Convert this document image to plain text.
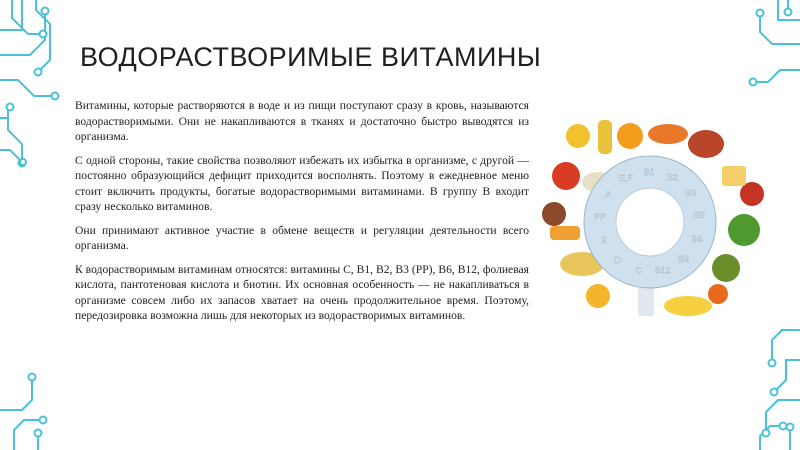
ВОДОРАСТВОРИМЫЕ ВИТАМИНЫ

Витамины, которые растворяются в воде и из пищи поступают сразу в кровь, называются водорастворимыми. Они не накапливаются в тканях и достаточно быстро выводятся из организма.

С одной стороны, такие свойства позволяют избежать их избытка в организме, с другой — постоянно образующийся дефицит приходится восполнять. Поэтому в ежедневное меню стоит включить продукты, богатые водорастворимыми витаминами. В группу В входит сразу несколько витаминов.

Они принимают активное участие в обмене веществ и регуляции деятельности всего организма.

К водорастворимым витаминам относятся: витамины С, В1, В2, В3 (РР), В6, В12, фолиевая кислота, пантотеновая кислота и биотин. Их основная особенность — не накапливаться в организме совсем либо их запасов хватает на очень продолжительное время. Поэтому, передозировка возможна лишь для некоторых из водорастворимых витаминов.

E,F
B1
B2
B3
B5
B6
B9
B12
C
D
K
PP
A
